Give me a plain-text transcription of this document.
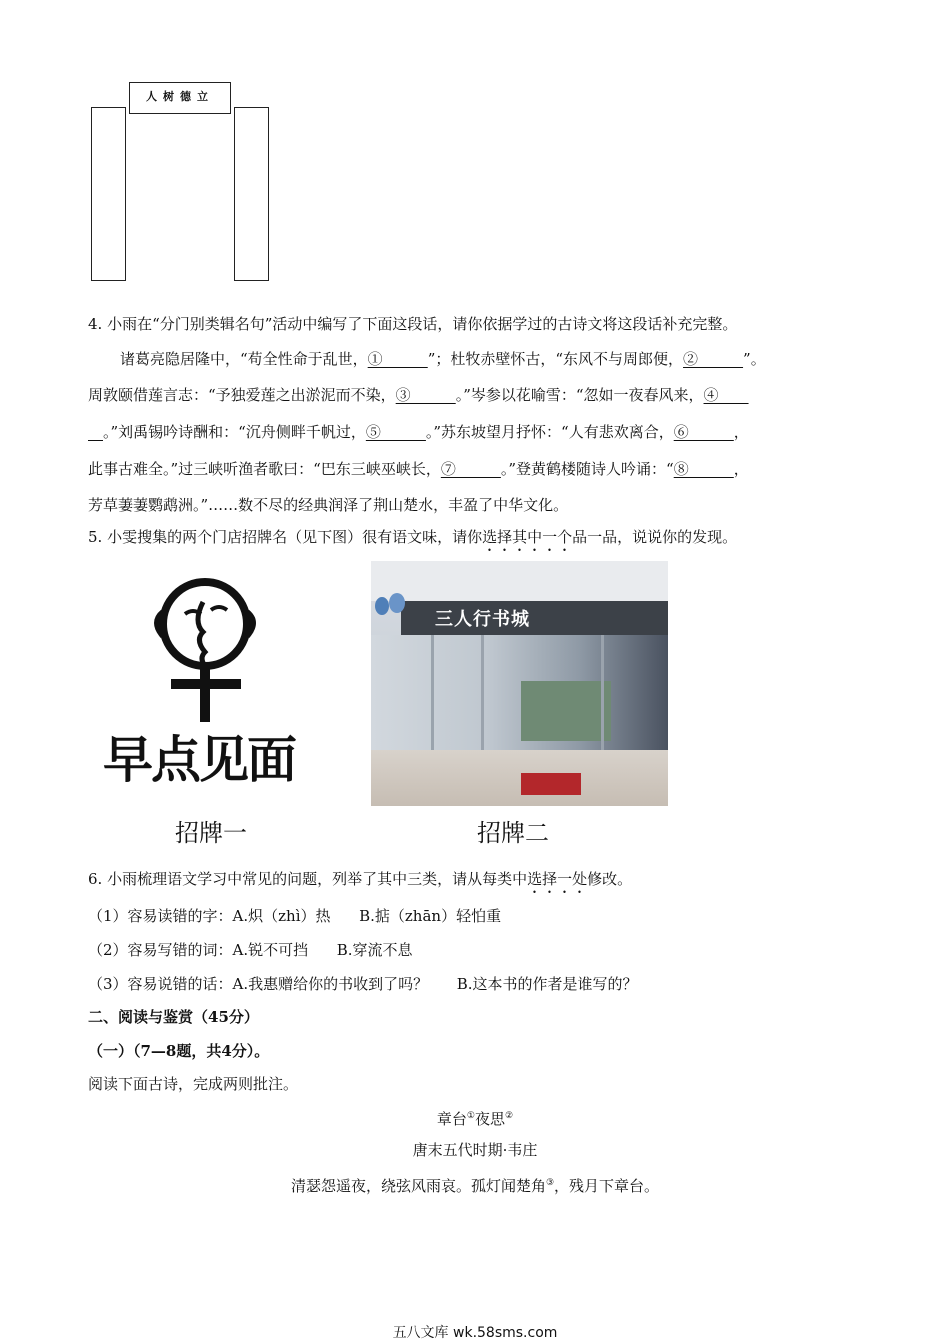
人树德立
4. 小雨在“分门别类辑名句”活动中编写了下面这段话，请你依据学过的古诗文将这段话补充完整。
诸葛亮隐居隆中，“苟全性命于乱世，①______”；杜牧赤壁怀古，“东风不与周郎便，②______”。
周敦颐借莲言志：“予独爱莲之出淤泥而不染，③______。”岑参以花喻雪：“忽如一夜春风来，④____
__。”刘禹锡吟诗酬和：“沉舟侧畔千帆过，⑤______。”苏东坡望月抒怀：“人有悲欢离合，⑥______，
此事古难全。”过三峡听渔者歌曰：“巴东三峡巫峡长，⑦______。”登黄鹤楼随诗人吟诵：“⑧______，
芳草萋萋鹦鹉洲。”……数不尽的经典润泽了荆山楚水，丰盈了中华文化。
5. 小雯搜集的两个门店招牌名（见下图）很有语文味，请你选择其中一个品一品，说说你的发现。
早点见面
招牌一
三人行书城
招牌二
6. 小雨梳理语文学习中常见的问题，列举了其中三类，请从每类中选择一处修改。
（1）容易读错的字：A.炽（zhì）热      B.掂（zhān）轻怕重
（2）容易写错的词：A.锐不可挡      B.穿流不息
（3）容易说错的话：A.我惠赠给你的书收到了吗？      B.这本书的作者是谁写的？
二、阅读与鉴赏（45分）
（一）（7—8题，共4分）。
阅读下面古诗，完成两则批注。
章台①夜思②
唐末五代时期·韦庄
清瑟怨遥夜，绕弦风雨哀。孤灯闻楚角③，残月下章台。
五八文库 wk.58sms.com
